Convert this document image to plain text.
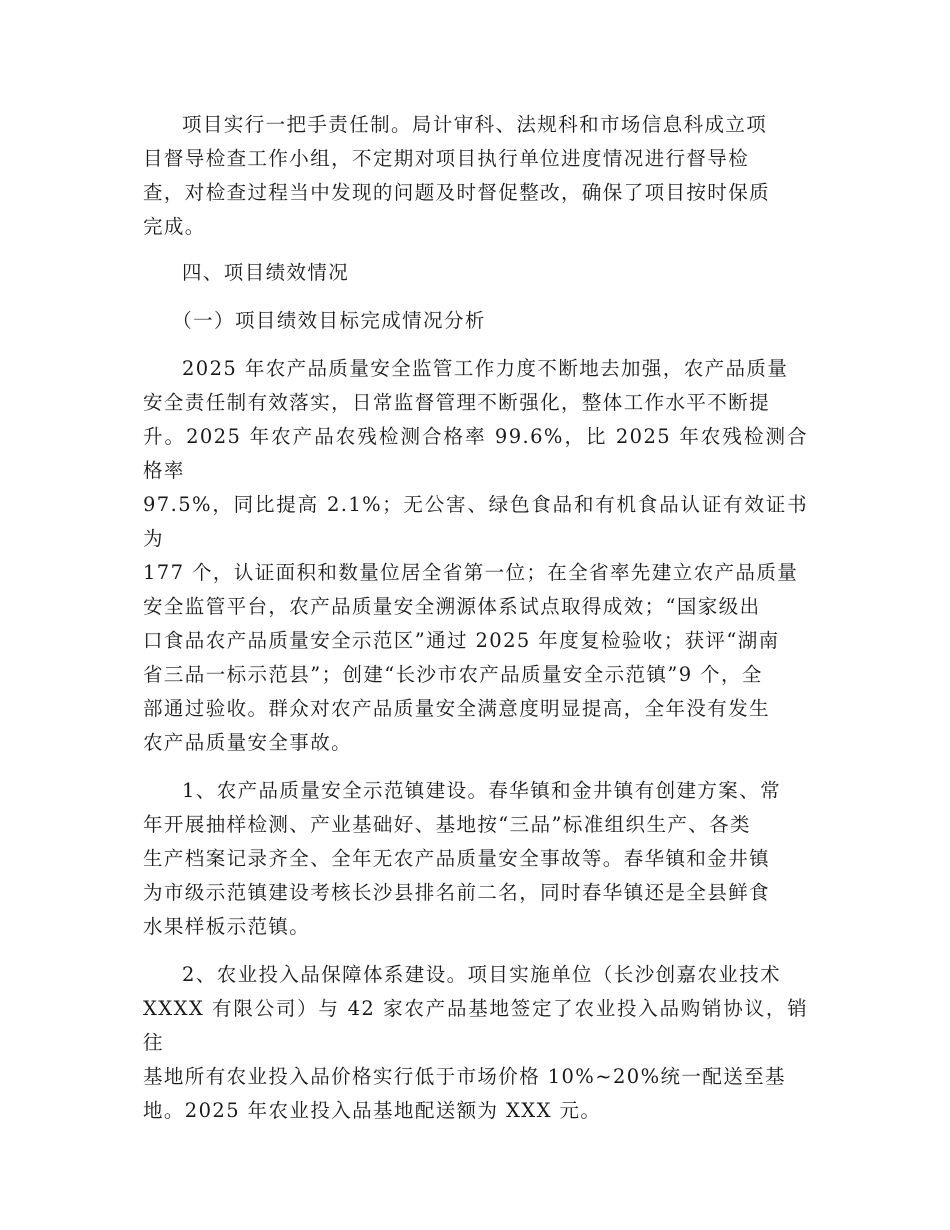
项目实行一把手责任制。局计审科、法规科和市场信息科成立项
目督导检查工作小组，不定期对项目执行单位进度情况进行督导检
查，对检查过程当中发现的问题及时督促整改，确保了项目按时保质
完成。

四、项目绩效情况

（一）项目绩效目标完成情况分析

2025 年农产品质量安全监管工作力度不断地去加强，农产品质量
安全责任制有效落实，日常监督管理不断强化，整体工作水平不断提
升。2025 年农产品农残检测合格率 99.6%，比 2025 年农残检测合格率
97.5%，同比提高 2.1%；无公害、绿色食品和有机食品认证有效证书为
177 个，认证面积和数量位居全省第一位；在全省率先建立农产品质量
安全监管平台，农产品质量安全溯源体系试点取得成效；“国家级出
口食品农产品质量安全示范区”通过 2025 年度复检验收；获评“湖南
省三品一标示范县”；创建“长沙市农产品质量安全示范镇”9 个，全
部通过验收。群众对农产品质量安全满意度明显提高，全年没有发生
农产品质量安全事故。

1、农产品质量安全示范镇建设。春华镇和金井镇有创建方案、常
年开展抽样检测、产业基础好、基地按“三品”标准组织生产、各类
生产档案记录齐全、全年无农产品质量安全事故等。春华镇和金井镇
为市级示范镇建设考核长沙县排名前二名，同时春华镇还是全县鲜食
水果样板示范镇。

2、农业投入品保障体系建设。项目实施单位（长沙创嘉农业技术
XXXX 有限公司）与 42 家农产品基地签定了农业投入品购销协议，销往
基地所有农业投入品价格实行低于市场价格 10%~20%统一配送至基
地。2025 年农业投入品基地配送额为 XXX 元。
